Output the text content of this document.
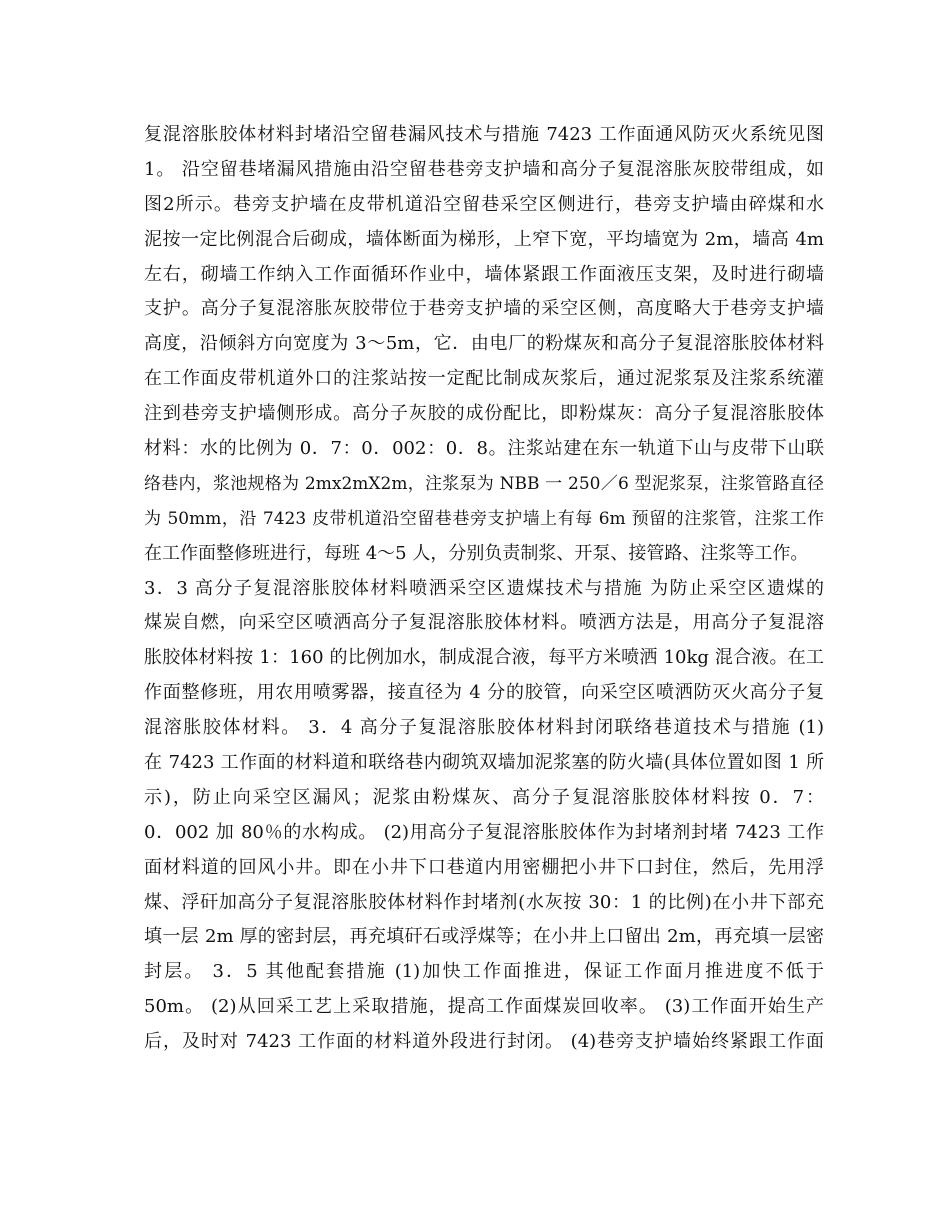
复混溶胀胶体材料封堵沿空留巷漏风技术与措施 7423 工作面通风防灭火系统见图
1。 沿空留巷堵漏风措施由沿空留巷巷旁支护墙和高分子复混溶胀灰胶带组成，如
图2所示。巷旁支护墙在皮带机道沿空留巷采空区侧进行，巷旁支护墙由碎煤和水
泥按一定比例混合后砌成，墙体断面为梯形，上窄下宽，平均墙宽为 2m，墙高 4m
左右，砌墙工作纳入工作面循环作业中，墙体紧跟工作面液压支架，及时进行砌墙
支护。高分子复混溶胀灰胶带位于巷旁支护墙的采空区侧，高度略大于巷旁支护墙
高度，沿倾斜方向宽度为 3～5m，它．由电厂的粉煤灰和高分子复混溶胀胶体材料
在工作面皮带机道外口的注浆站按一定配比制成灰浆后，通过泥浆泵及注浆系统灌
注到巷旁支护墙侧形成。高分子灰胶的成份配比，即粉煤灰：高分子复混溶胀胶体
材料：水的比例为 0．7：0．002：0．8。注浆站建在东一轨道下山与皮带下山联
络巷内，浆池规格为 2mx2mX2m，注浆泵为 NBB 一 250／6 型泥浆泵，注浆管路直径
为 50mm，沿 7423 皮带机道沿空留巷巷旁支护墙上有每 6m 预留的注浆管，注浆工作
在工作面整修班进行，每班 4～5 人，分别负责制浆、开泵、接管路、注浆等工作。
3．3 高分子复混溶胀胶体材料喷洒采空区遗煤技术与措施 为防止采空区遗煤的
煤炭自燃，向采空区喷洒高分子复混溶胀胶体材料。喷洒方法是，用高分子复混溶
胀胶体材料按 1：160 的比例加水，制成混合液，每平方米喷洒 10kg 混合液。在工
作面整修班，用农用喷雾器，接直径为 4 分的胶管，向采空区喷洒防灭火高分子复
混溶胀胶体材料。 3．4 高分子复混溶胀胶体材料封闭联络巷道技术与措施 (1)
在 7423 工作面的材料道和联络巷内砌筑双墙加泥浆塞的防火墙(具体位置如图 1 所
示)，防止向采空区漏风；泥浆由粉煤灰、高分子复混溶胀胶体材料按 0．7：
0．002 加 80％的水构成。 (2)用高分子复混溶胀胶体作为封堵剂封堵 7423 工作
面材料道的回风小井。即在小井下口巷道内用密棚把小井下口封住，然后，先用浮
煤、浮矸加高分子复混溶胀胶体材料作封堵剂(水灰按 30：1 的比例)在小井下部充
填一层 2m 厚的密封层，再充填矸石或浮煤等；在小井上口留出 2m，再充填一层密
封层。 3．5 其他配套措施 (1)加快工作面推进，保证工作面月推进度不低于
50m。 (2)从回采工艺上采取措施，提高工作面煤炭回收率。 (3)工作面开始生产
后，及时对 7423 工作面的材料道外段进行封闭。 (4)巷旁支护墙始终紧跟工作面
